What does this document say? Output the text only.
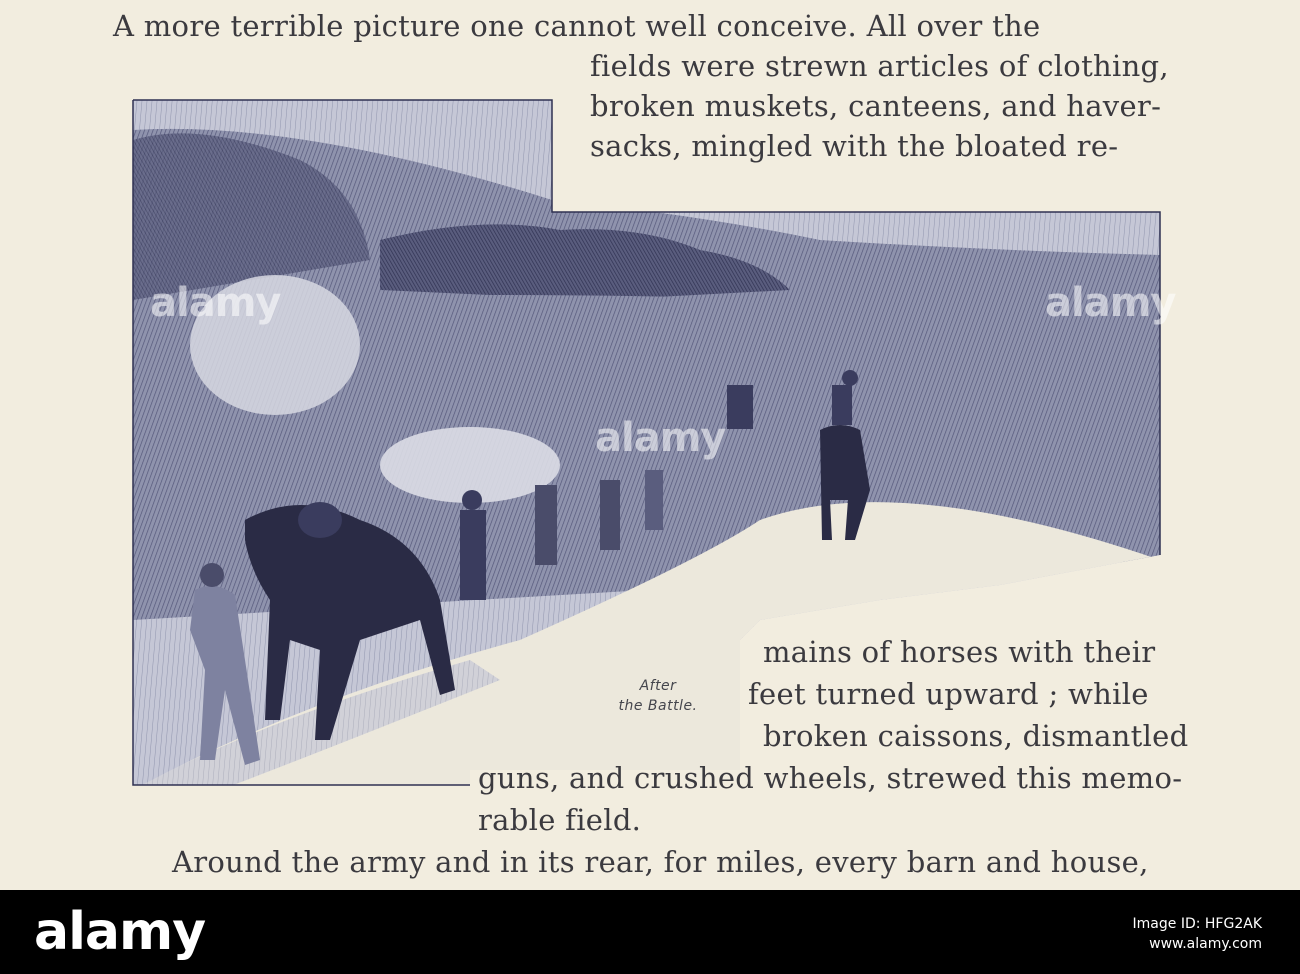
A more terrible picture one cannot well conceive. All over the
fields were strewn articles of clothing,
broken muskets, canteens, and haver-
sacks, mingled with the bloated re-
mains of horses with their
feet turned upward ; while
broken caissons, dismantled
guns, and crushed wheels, strewed this memo-
rable field.
Around the army and in its rear, for miles, every barn and house,
After
the Battle.
alamy
alamy
alamy
alamy	Image ID: HFG2AK
www.alamy.com
